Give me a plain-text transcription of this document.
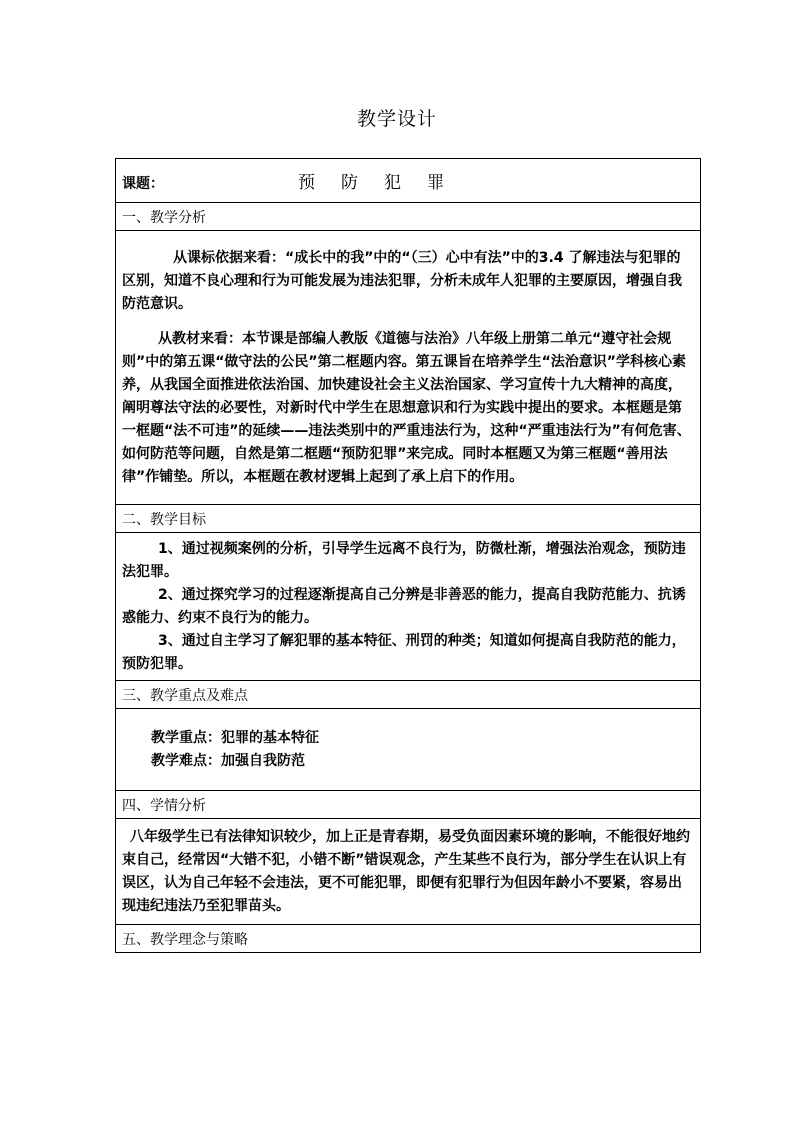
教学设计
课题：	预防犯罪
一、教学分析

从课标依据来看：“成长中的我”中的“（三）心中有法”中的3.4 了解违法与犯罪的区别，知道不良心理和行为可能发展为违法犯罪，分析未成年人犯罪的主要原因，增强自我防范意识。

从教材来看：本节课是部编人教版《道德与法治》八年级上册第二单元“遵守社会规则”中的第五课“做守法的公民”第二框题内容。第五课旨在培养学生“法治意识”学科核心素养，从我国全面推进依法治国、加快建设社会主义法治国家、学习宣传十九大精神的高度，阐明尊法守法的必要性，对新时代中学生在思想意识和行为实践中提出的要求。本框题是第一框题“法不可违”的延续——违法类别中的严重违法行为，这种“严重违法行为”有何危害、如何防范等问题，自然是第二框题“预防犯罪”来完成。同时本框题又为第三框题“善用法律”作铺垫。所以，本框题在教材逻辑上起到了承上启下的作用。

二、教学目标

1、通过视频案例的分析，引导学生远离不良行为，防微杜渐，增强法治观念，预防违法犯罪。

2、通过探究学习的过程逐渐提高自己分辨是非善恶的能力，提高自我防范能力、抗诱惑能力、约束不良行为的能力。

3、通过自主学习了解犯罪的基本特征、刑罚的种类；知道如何提高自我防范的能力，预防犯罪。

三、教学重点及难点

教学重点：犯罪的基本特征

教学难点：加强自我防范

四、学情分析

八年级学生已有法律知识较少，加上正是青春期，易受负面因素环境的影响，不能很好地约束自己，经常因“大错不犯，小错不断”错误观念，产生某些不良行为，部分学生在认识上有误区，认为自己年轻不会违法，更不可能犯罪，即便有犯罪行为但因年龄小不要紧，容易出现违纪违法乃至犯罪苗头。

五、教学理念与策略
